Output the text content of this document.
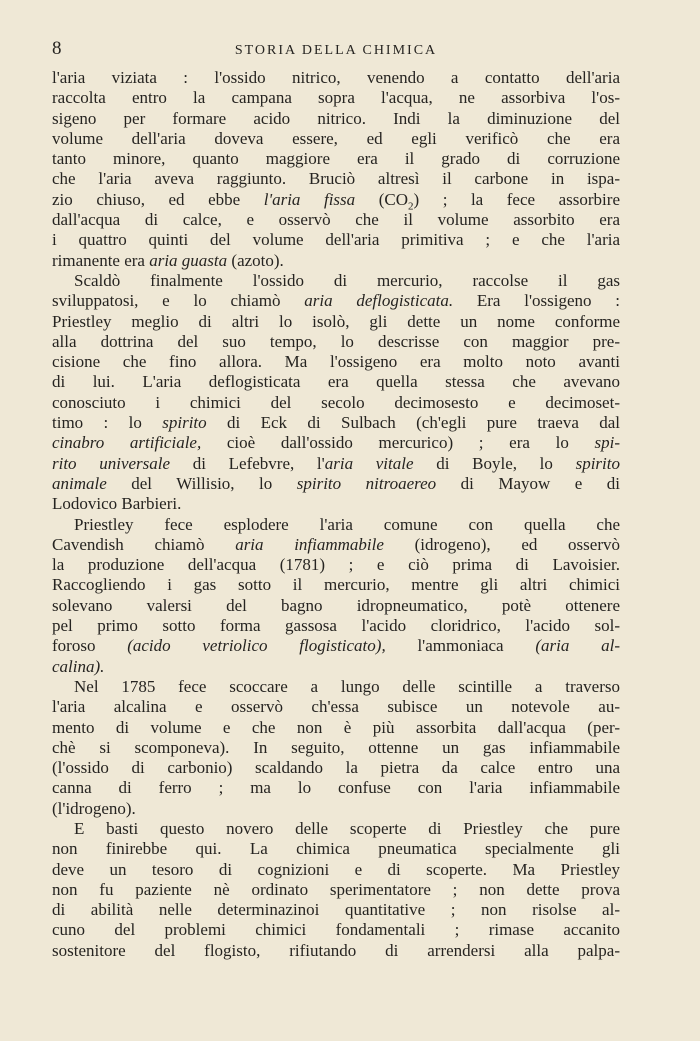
8	STORIA DELLA CHIMICA
l'aria viziata : l'ossido nitrico, venendo a contatto dell'aria
raccolta entro la campana sopra l'acqua, ne assorbiva l'os-
sigeno per formare acido nitrico. Indi la diminuzione del
volume dell'aria doveva essere, ed egli verificò che era
tanto minore, quanto maggiore era il grado di corruzione
che l'aria aveva raggiunto. Bruciò altresì il carbone in ispa-
zio chiuso, ed ebbe l'aria fissa $(CO_2)$ ; la fece assorbire
dall'acqua di calce, e osservò che il volume assorbito era
i quattro quinti del volume dell'aria primitiva ; e che l'aria
rimanente era aria guasta (azoto).
Scaldò finalmente l'ossido di mercurio, raccolse il gas
sviluppatosi, e lo chiamò aria deflogisticata. Era l'ossigeno :
Priestley meglio di altri lo isolò, gli dette un nome conforme
alla dottrina del suo tempo, lo descrisse con maggior pre-
cisione che fino allora. Ma l'ossigeno era molto noto avanti
di lui. L'aria deflogisticata era quella stessa che avevano
conosciuto i chimici del secolo decimosesto e decimoset-
timo : lo spirito di Eck di Sulbach (ch'egli pure traeva dal
cinabro artificiale, cioè dall'ossido mercurico) ; era lo spi-
rito universale di Lefebvre, l'aria vitale di Boyle, lo spirito
animale del Willisio, lo spirito nitroaereo di Mayow e di
Lodovico Barbieri.
Priestley fece esplodere l'aria comune con quella che
Cavendish chiamò aria infiammabile (idrogeno), ed osservò
la produzione dell'acqua (1781) ; e ciò prima di Lavoisier.
Raccogliendo i gas sotto il mercurio, mentre gli altri chimici
solevano valersi del bagno idropneumatico, potè ottenere
pel primo sotto forma gassosa l'acido cloridrico, l'acido sol-
foroso (acido vetriolico flogisticato), l'ammoniaca (aria al-
calina).
Nel 1785 fece scoccare a lungo delle scintille a traverso
l'aria alcalina e osservò ch'essa subisce un notevole au-
mento di volume e che non è più assorbita dall'acqua (per-
chè si scomponeva). In seguito, ottenne un gas infiammabile
(l'ossido di carbonio) scaldando la pietra da calce entro una
canna di ferro ; ma lo confuse con l'aria infiammabile
(l'idrogeno).
E basti questo novero delle scoperte di Priestley che pure
non finirebbe qui. La chimica pneumatica specialmente gli
deve un tesoro di cognizioni e di scoperte. Ma Priestley
non fu paziente nè ordinato sperimentatore ; non dette prova
di abilità nelle determinazinoi quantitative ; non risolse al-
cuno del problemi chimici fondamentali ; rimase accanito
sostenitore del flogisto, rifiutando di arrendersi alla palpa-
